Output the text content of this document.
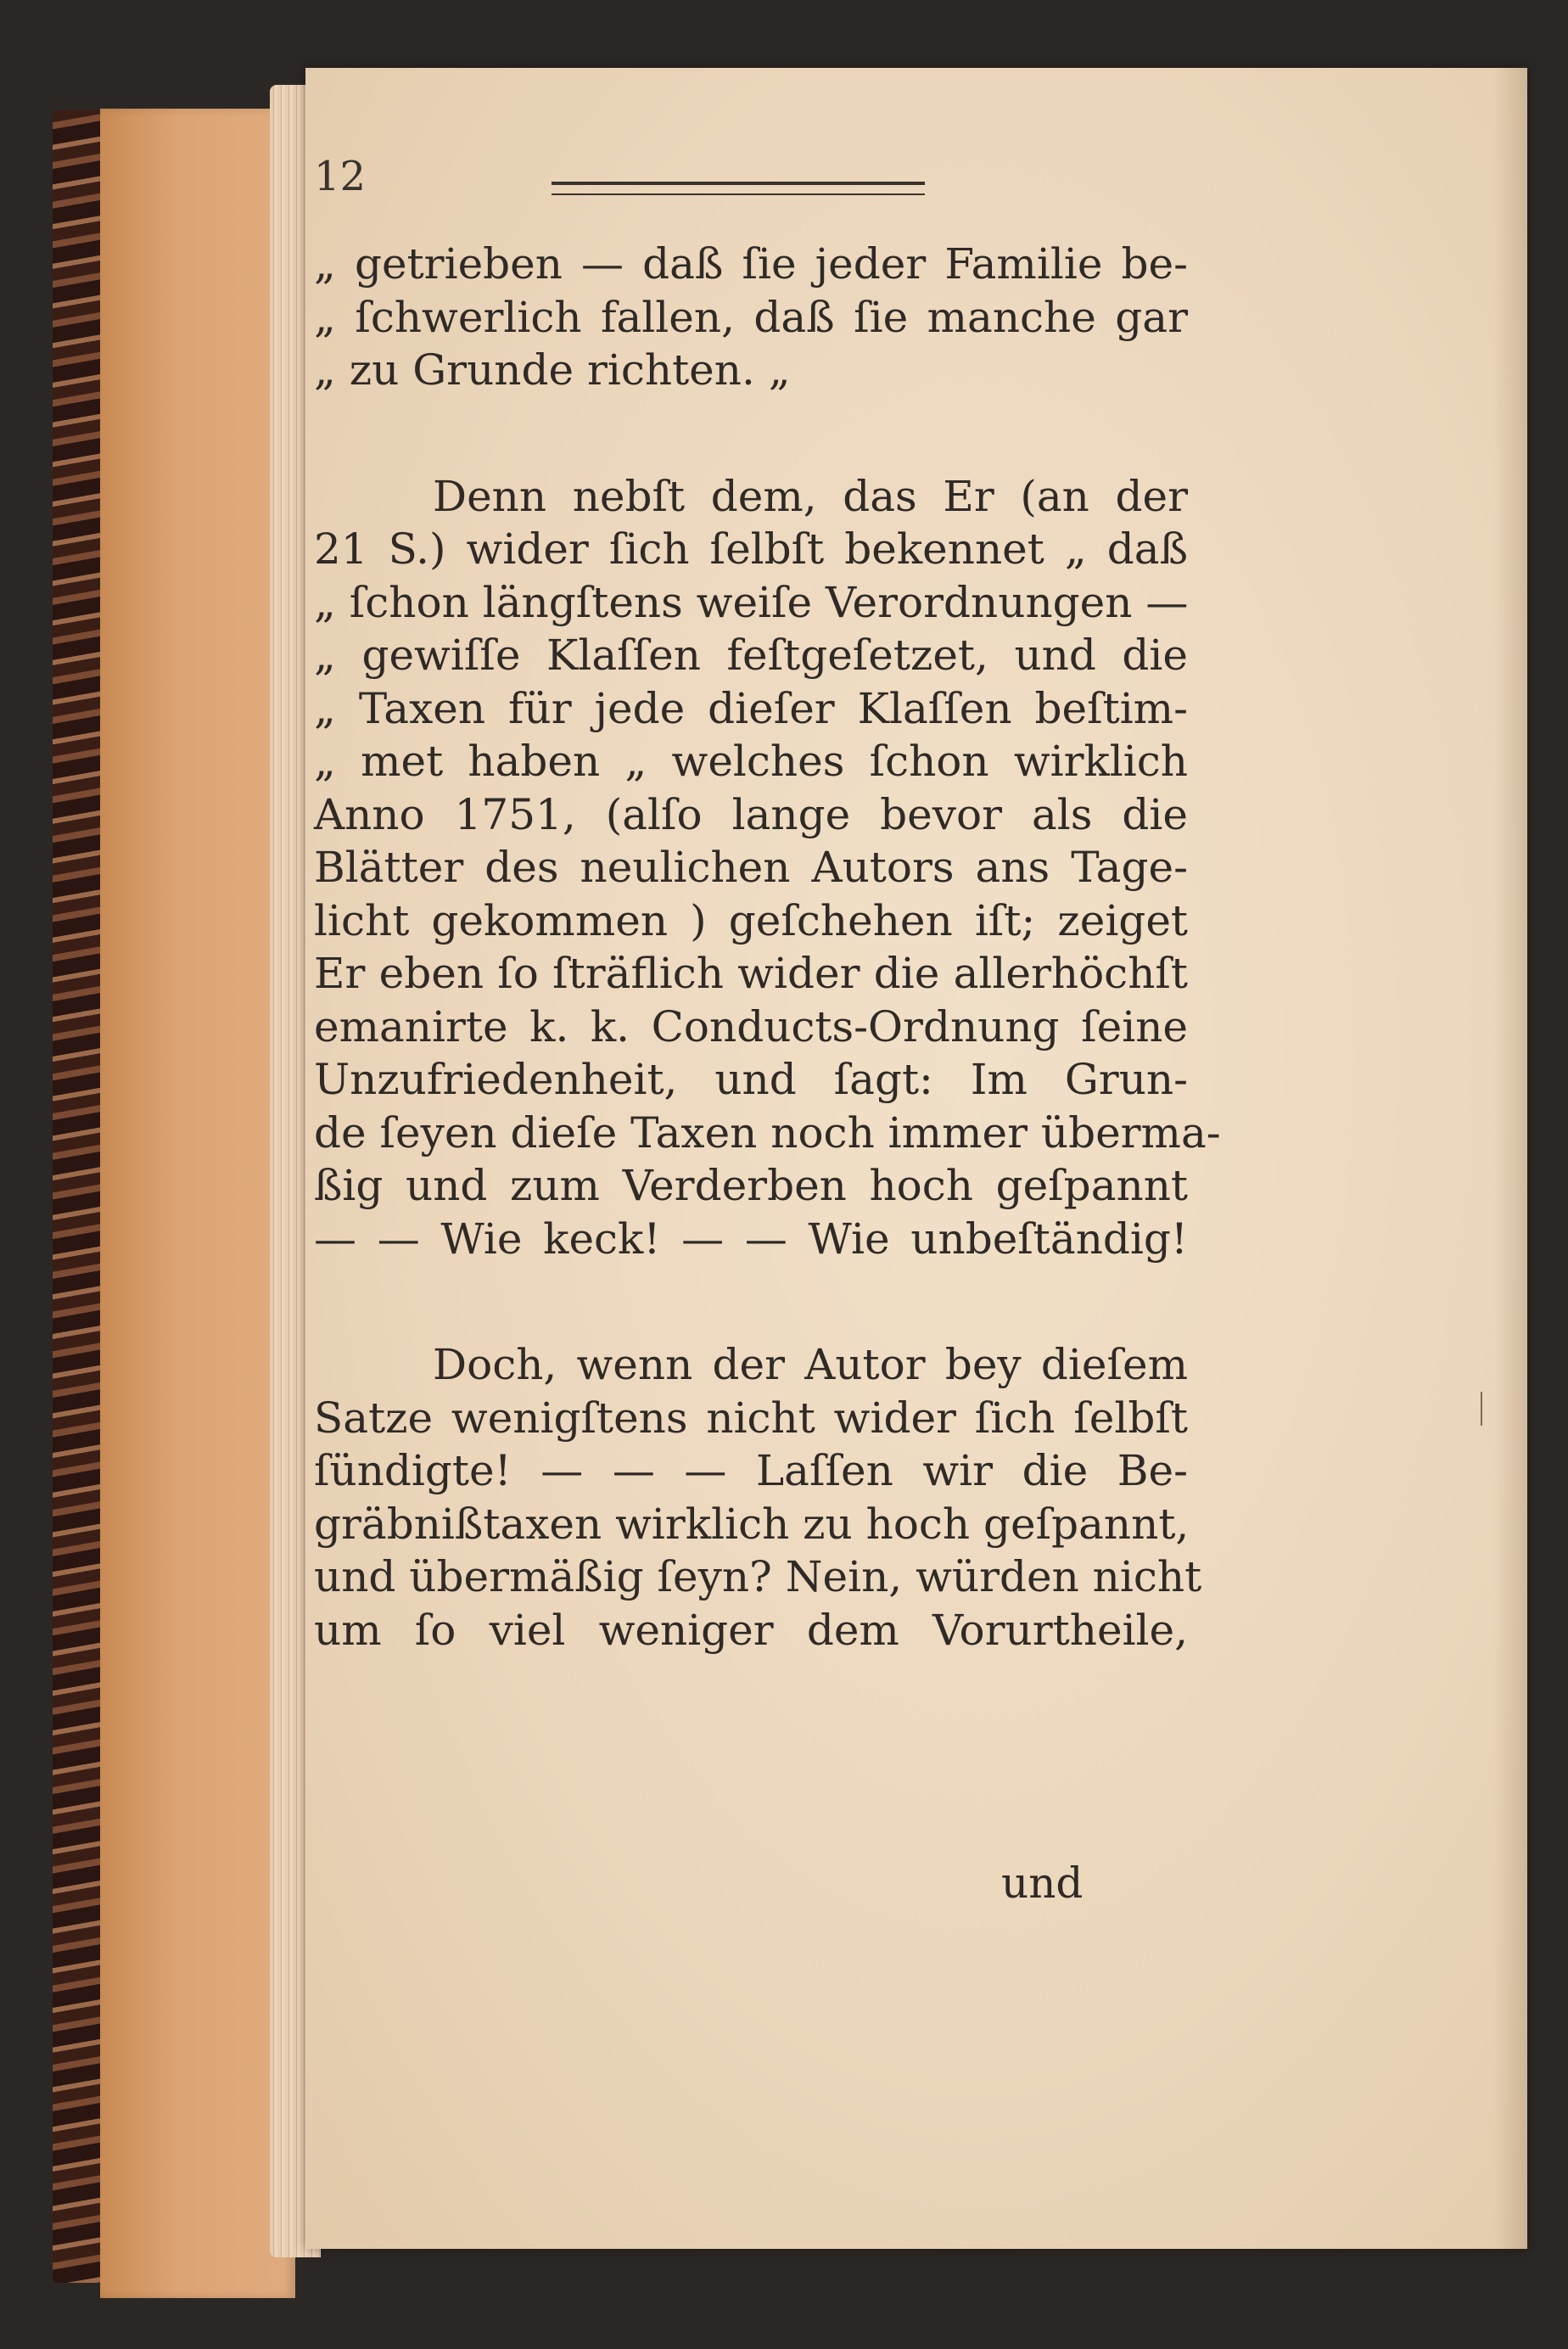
12
„ getrieben — daß ſie jeder Familie be-
„ ſchwerlich fallen, daß ſie manche gar
„ zu Grunde richten. „
Denn nebſt dem, das Er (an der
21 S.) wider ſich ſelbſt bekennet „ daß
„ ſchon längſtens weiſe Verordnungen —
„ gewiſſe Klaſſen feſtgeſetzet, und die
„ Taxen für jede dieſer Klaſſen beſtim-
„ met haben „ welches ſchon wirklich
Anno 1751, (alſo lange bevor als die
Blätter des neulichen Autors ans Tage-
licht gekommen ) geſchehen iſt; zeiget
Er eben ſo ſträflich wider die allerhöchſt
emanirte k. k. Conducts-Ordnung ſeine
Unzufriedenheit, und ſagt: Im Grun-
de ſeyen dieſe Taxen noch immer überma-
ßig und zum Verderben hoch geſpannt
— — Wie keck! — — Wie unbeſtändig!
Doch, wenn der Autor bey dieſem
Satze wenigſtens nicht wider ſich ſelbſt
ſündigte! — — — Laſſen wir die Be-
gräbnißtaxen wirklich zu hoch geſpannt,
und übermäßig ſeyn? Nein, würden nicht
um ſo viel weniger dem Vorurtheile,
und
